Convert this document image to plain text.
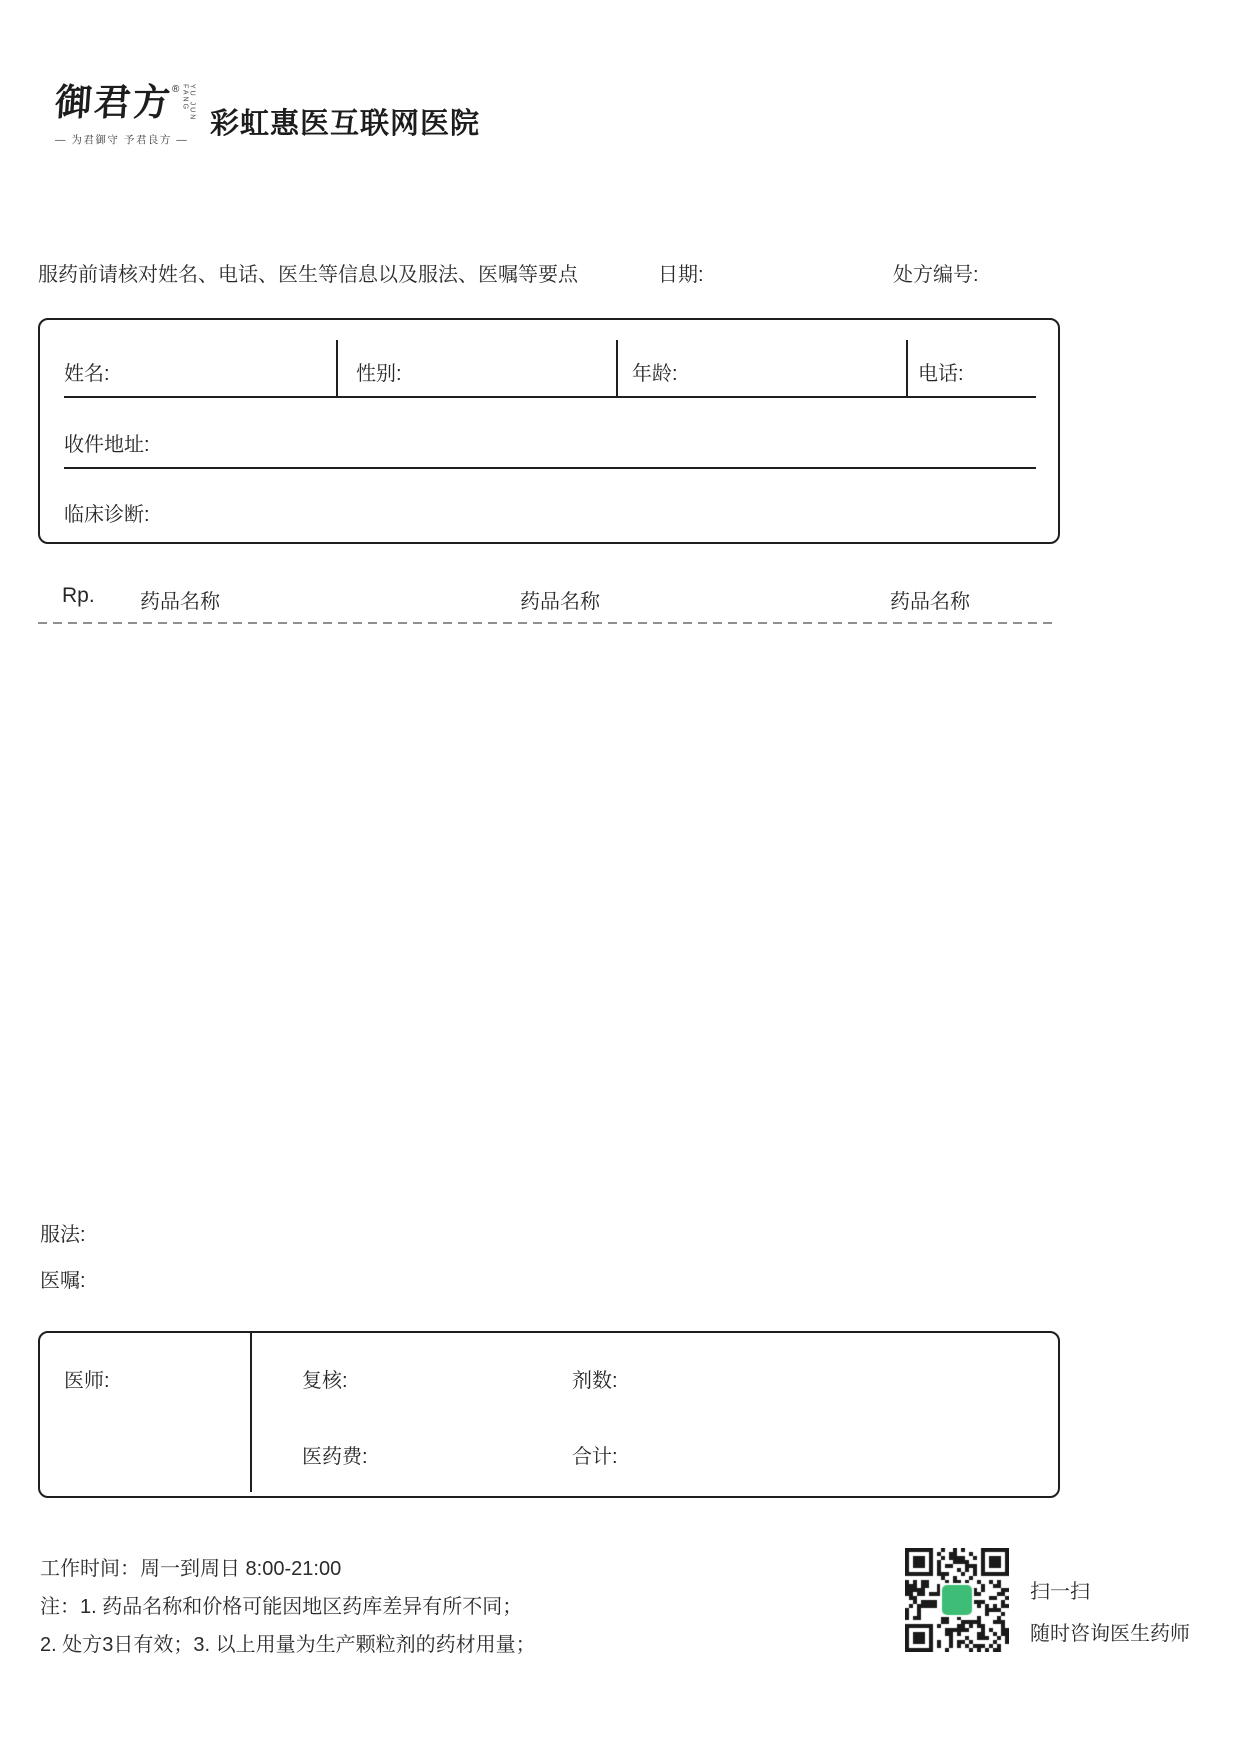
御君方® YU JUN FANG
— 为君御守 予君良方 — 彩虹惠医互联网医院
服药前请核对姓名、电话、医生等信息以及服法、医嘱等要点	日期:	处方编号:
姓名:	性别:	年龄:	电话:
收件地址:
临床诊断:
Rp. 药品名称	药品名称	药品名称
服法:
医嘱:
医师:	复核:	剂数:
医药费:	合计:
工作时间：周一到周日 8:00-21:00
注：1. 药品名称和价格可能因地区药库差异有所不同；
2. 处方3日有效；3. 以上用量为生产颗粒剂的药材用量；
扫一扫
随时咨询医生药师
